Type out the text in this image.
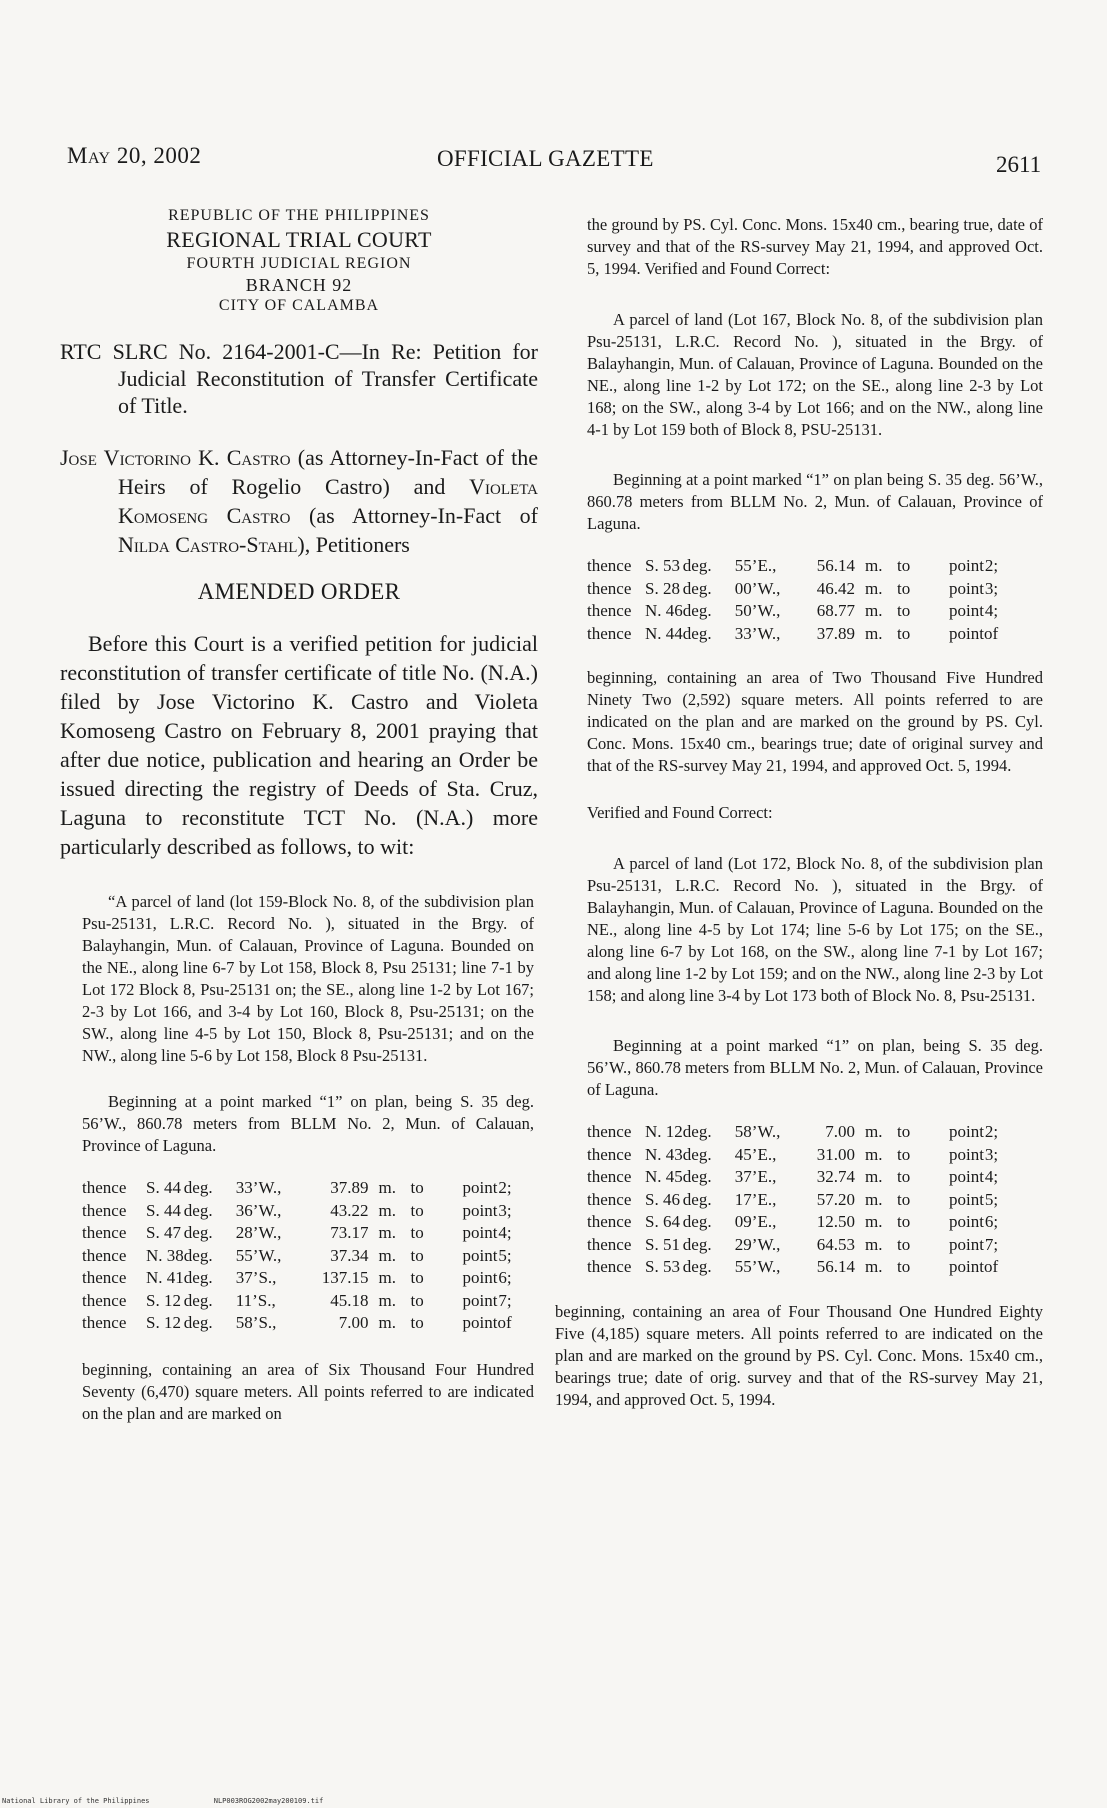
May 20, 2002	OFFICIAL GAZETTE	2611
REPUBLIC OF THE PHILIPPINES
REGIONAL TRIAL COURT
FOURTH JUDICIAL REGION
BRANCH 92
CITY OF CALAMBA
RTC SLRC No. 2164-2001-C—In Re: Petition for Judicial Reconstitution of Transfer Certificate of Title.
Jose Victorino K. Castro (as Attorney-In-Fact of the Heirs of Rogelio Castro) and Violeta Komoseng Castro (as Attorney-In-Fact of Nilda Castro-Stahl), Petitioners
AMENDED ORDER
Before this Court is a verified petition for judicial reconstitution of transfer certificate of title No. (N.A.) filed by Jose Victorino K. Castro and Violeta Komoseng Castro on February 8, 2001 praying that after due notice, publication and hearing an Order be issued directing the registry of Deeds of Sta. Cruz, Laguna to reconstitute TCT No. (N.A.) more particularly described as follows, to wit:

“A parcel of land (lot 159-Block No. 8, of the subdivision plan Psu-25131, L.R.C. Record No. ), situated in the Brgy. of Balayhangin, Mun. of Calauan, Province of Laguna. Bounded on the NE., along line 6-7 by Lot 158, Block 8, Psu 25131; line 7-1 by Lot 172 Block 8, Psu-25131 on; the SE., along line 1-2 by Lot 167; 2-3 by Lot 166, and 3-4 by Lot 160, Block 8, Psu-25131; on the SW., along line 4-5 by Lot 150, Block 8, Psu-25131; and on the NW., along line 5-6 by Lot 158, Block 8 Psu-25131.

Beginning at a point marked “1” on plan, being S. 35 deg. 56’W., 860.78 meters from BLLM No. 2, Mun. of Calauan, Province of Laguna.

thence	S. 44	deg.	33’W.,	37.89	m.	to	point	2;
thence	S. 44	deg.	36’W.,	43.22	m.	to	point	3;
thence	S. 47	deg.	28’W.,	73.17	m.	to	point	4;
thence	N. 38	deg.	55’W.,	37.34	m.	to	point	5;
thence	N. 41	deg.	37’S.,	137.15	m.	to	point	6;
thence	S. 12	deg.	11’S.,	45.18	m.	to	point	7;
thence	S. 12	deg.	58’S.,	7.00	m.	to	point	of

beginning, containing an area of Six Thousand Four Hundred Seventy (6,470) square meters. All points referred to are indicated on the plan and are marked on

the ground by PS. Cyl. Conc. Mons. 15x40 cm., bearing true, date of survey and that of the RS-survey May 21, 1994, and approved Oct. 5, 1994. Verified and Found Correct:

A parcel of land (Lot 167, Block No. 8, of the subdivision plan Psu-25131, L.R.C. Record No. ), situated in the Brgy. of Balayhangin, Mun. of Calauan, Province of Laguna. Bounded on the NE., along line 1-2 by Lot 172; on the SE., along line 2-3 by Lot 168; on the SW., along 3-4 by Lot 166; and on the NW., along line 4-1 by Lot 159 both of Block 8, PSU-25131.

Beginning at a point marked “1” on plan being S. 35 deg. 56’W., 860.78 meters from BLLM No. 2, Mun. of Calauan, Province of Laguna.

thence	S. 53	deg.	55’E.,	56.14	m.	to	point	2;
thence	S. 28	deg.	00’W.,	46.42	m.	to	point	3;
thence	N. 46	deg.	50’W.,	68.77	m.	to	point	4;
thence	N. 44	deg.	33’W.,	37.89	m.	to	point	of

beginning, containing an area of Two Thousand Five Hundred Ninety Two (2,592) square meters. All points referred to are indicated on the plan and are marked on the ground by PS. Cyl. Conc. Mons. 15x40 cm., bearings true; date of original survey and that of the RS-survey May 21, 1994, and approved Oct. 5, 1994.

Verified and Found Correct:

A parcel of land (Lot 172, Block No. 8, of the subdivision plan Psu-25131, L.R.C. Record No. ), situated in the Brgy. of Balayhangin, Mun. of Calauan, Province of Laguna. Bounded on the NE., along line 4-5 by Lot 174; line 5-6 by Lot 175; on the SE., along line 6-7 by Lot 168, on the SW., along line 7-1 by Lot 167; and along line 1-2 by Lot 159; and on the NW., along line 2-3 by Lot 158; and along line 3-4 by Lot 173 both of Block No. 8, Psu-25131.

Beginning at a point marked “1” on plan, being S. 35 deg. 56’W., 860.78 meters from BLLM No. 2, Mun. of Calauan, Province of Laguna.

thence	N. 12	deg.	58’W.,	7.00	m.	to	point	2;
thence	N. 43	deg.	45’E.,	31.00	m.	to	point	3;
thence	N. 45	deg.	37’E.,	32.74	m.	to	point	4;
thence	S. 46	deg.	17’E.,	57.20	m.	to	point	5;
thence	S. 64	deg.	09’E.,	12.50	m.	to	point	6;
thence	S. 51	deg.	29’W.,	64.53	m.	to	point	7;
thence	S. 53	deg.	55’W.,	56.14	m.	to	point	of

beginning, containing an area of Four Thousand One Hundred Eighty Five (4,185) square meters. All points referred to are indicated on the plan and are marked on the ground by PS. Cyl. Conc. Mons. 15x40 cm., bearings true; date of orig. survey and that of the RS-survey May 21, 1994, and approved Oct. 5, 1994.

National Library of the Philippines	NLP003ROG2002may200109.tif
